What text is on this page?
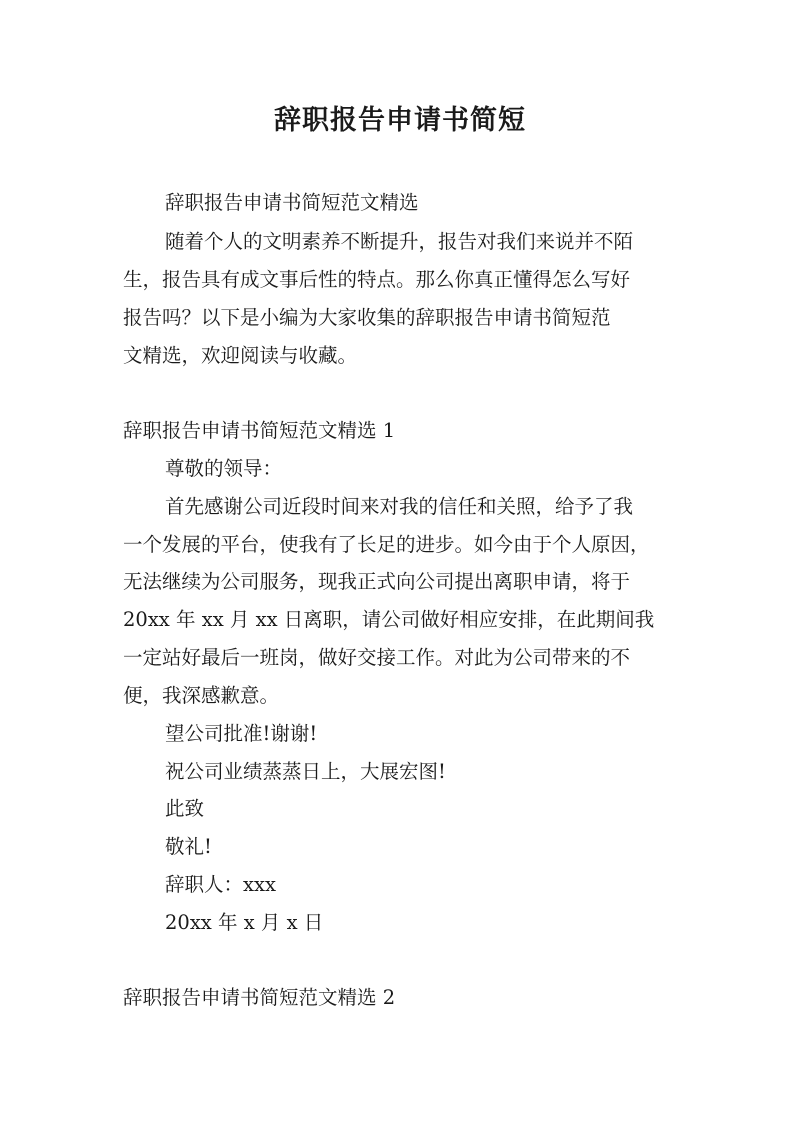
辞职报告申请书简短
辞职报告申请书简短范文精选
随着个人的文明素养不断提升，报告对我们来说并不陌
生，报告具有成文事后性的特点。那么你真正懂得怎么写好
报告吗？以下是小编为大家收集的辞职报告申请书简短范
文精选，欢迎阅读与收藏。
辞职报告申请书简短范文精选 1
尊敬的领导：
首先感谢公司近段时间来对我的信任和关照，给予了我
一个发展的平台，使我有了长足的进步。如今由于个人原因，
无法继续为公司服务，现我正式向公司提出离职申请，将于
20xx 年 xx 月 xx 日离职，请公司做好相应安排，在此期间我
一定站好最后一班岗，做好交接工作。对此为公司带来的不
便，我深感歉意。
望公司批准!谢谢!
祝公司业绩蒸蒸日上，大展宏图!
此致
敬礼!
辞职人：xxx
20xx 年 x 月 x 日
辞职报告申请书简短范文精选 2
